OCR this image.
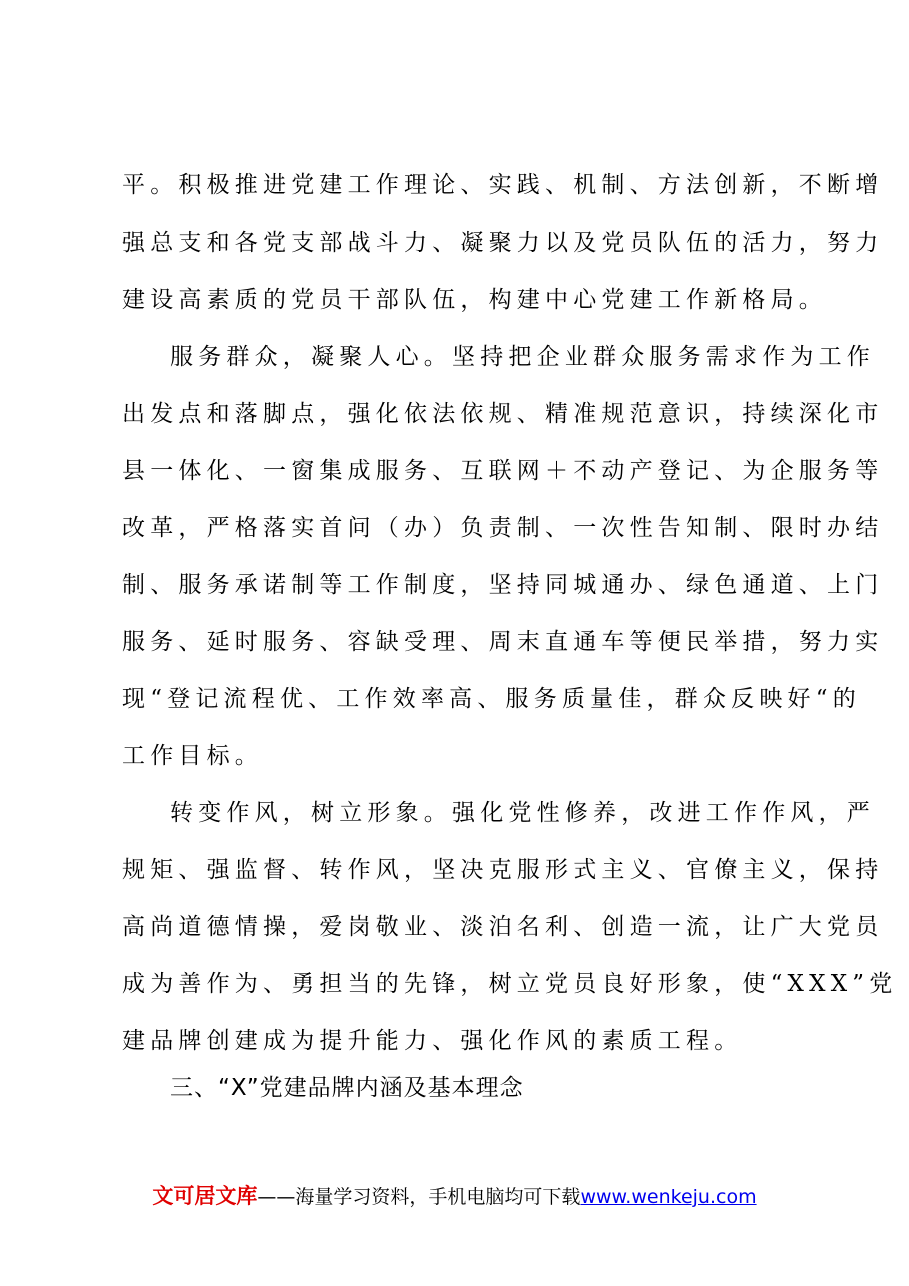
平。积极推进党建工作理论、实践、机制、方法创新，不断增
强总支和各党支部战斗力、凝聚力以及党员队伍的活力，努力
建设高素质的党员干部队伍，构建中心党建工作新格局。
服务群众，凝聚人心。坚持把企业群众服务需求作为工作
出发点和落脚点，强化依法依规、精准规范意识，持续深化市
县一体化、一窗集成服务、互联网＋不动产登记、为企服务等
改革，严格落实首问（办）负责制、一次性告知制、限时办结
制、服务承诺制等工作制度，坚持同城通办、绿色通道、上门
服务、延时服务、容缺受理、周末直通车等便民举措，努力实
现“登记流程优、工作效率高、服务质量佳，群众反映好“的
工作目标。
转变作风，树立形象。强化党性修养，改进工作作风，严
规矩、强监督、转作风，坚决克服形式主义、官僚主义，保持
高尚道德情操，爱岗敬业、淡泊名利、创造一流，让广大党员
成为善作为、勇担当的先锋，树立党员良好形象，使“XXX”党
建品牌创建成为提升能力、强化作风的素质工程。
三、“X”党建品牌内涵及基本理念
文可居文库——海量学习资料，手机电脑均可下载www.wenkeju.com
